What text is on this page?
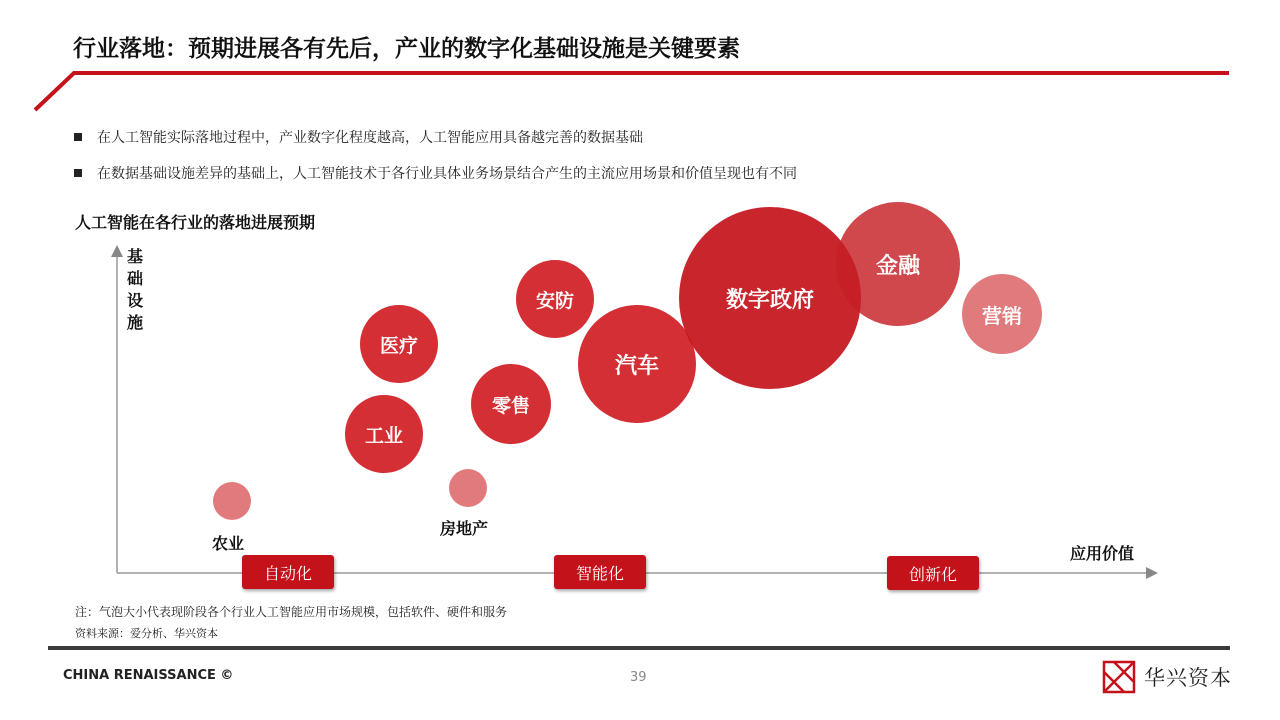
行业落地：预期进展各有先后，产业的数字化基础设施是关键要素
在人工智能实际落地过程中，产业数字化程度越高，人工智能应用具备越完善的数据基础
在数据基础设施差异的基础上，人工智能技术于各行业具体业务场景结合产生的主流应用场景和价值呈现也有不同
人工智能在各行业的落地进展预期
基础设施
应用价值
农业
工业
医疗
房地产
零售
安防
汽车
数字政府
金融
营销
自动化	智能化	创新化
注：气泡大小代表现阶段各个行业人工智能应用市场规模，包括软件、硬件和服务
资料来源：爱分析、华兴资本
CHINA RENAISSANCE ©	39	华兴资本
